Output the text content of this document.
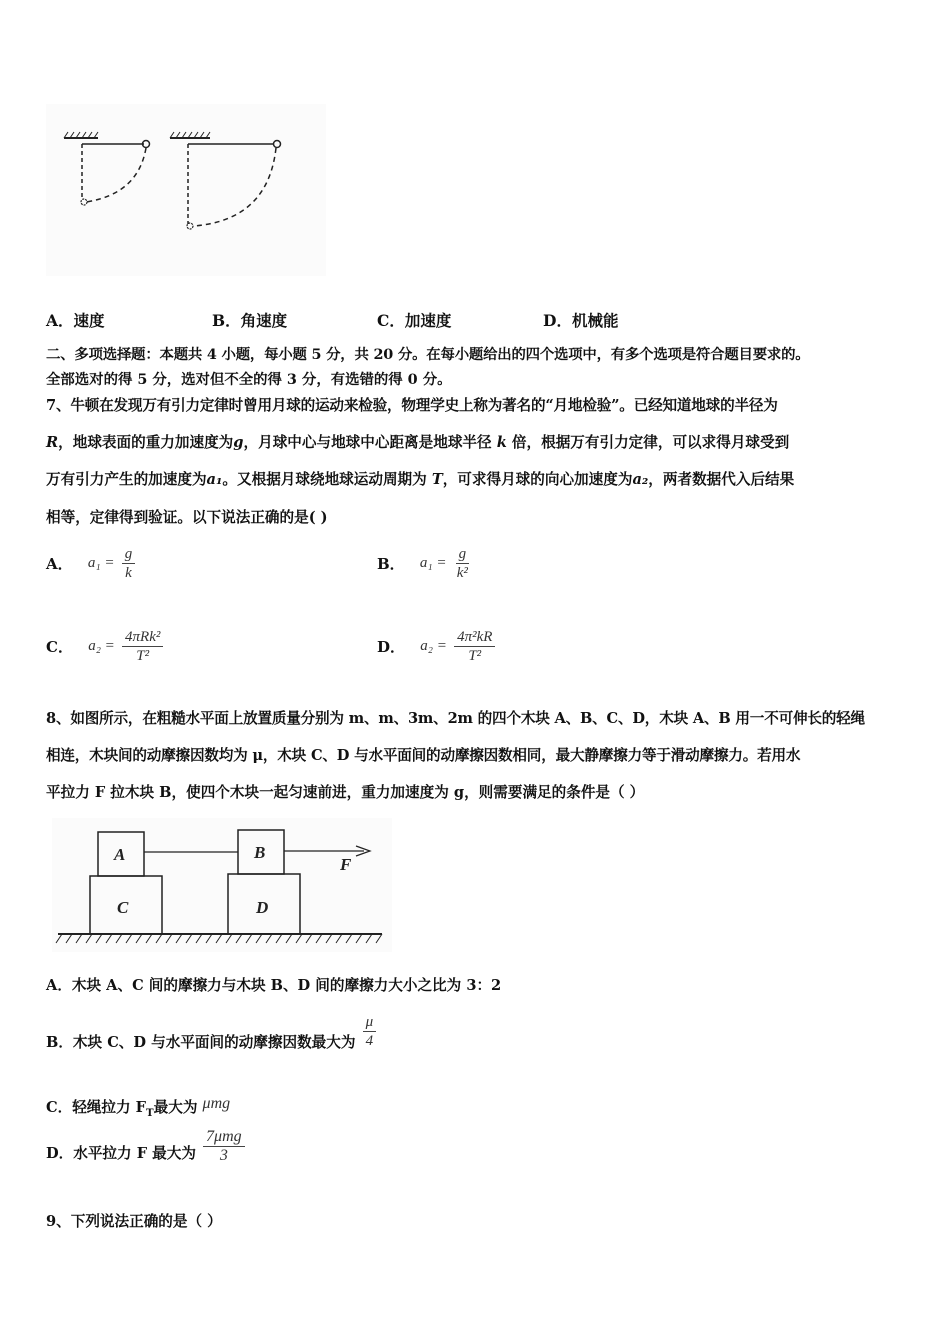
A．速度	B．角速度	C．加速度	D．机械能
二、多项选择题：本题共 4 小题，每小题 5 分，共 20 分。在每小题给出的四个选项中，有多个选项是符合题目要求的。
全部选对的得 5 分，选对但不全的得 3 分，有选错的得 0 分。
7、牛顿在发现万有引力定律时曾用月球的运动来检验，物理学史上称为著名的“月地检验”。已经知道地球的半径为
R，地球表面的重力加速度为g，月球中心与地球中心距离是地球半径 k 倍，根据万有引力定律，可以求得月球受到
万有引力产生的加速度为a₁。又根据月球绕地球运动周期为 T，可求得月球的向心加速度为a₂，两者数据代入后结果
相等，定律得到验证。以下说法正确的是( )
A． $a_1 = \frac{g}{k}$	B． $a_1 = \frac{g}{\text{k²}}$
C． $a_2 = \frac{\text{4πRk²}}{\text{T²}}$	D． $a_2 = \frac{\text{4π²kR}}{\text{T²}}$
8、如图所示，在粗糙水平面上放置质量分别为 m、m、3m、2m 的四个木块 A、B、C、D，木块 A、B 用一不可伸长的轻绳
相连，木块间的动摩擦因数均为 μ，木块 C、D 与水平面间的动摩擦因数相同，最大静摩擦力等于滑动摩擦力。若用水
平拉力 F 拉木块 B，使四个木块一起匀速前进，重力加速度为 g，则需要满足的条件是（ ）
A	B
C	D
F
A．木块 A、C 间的摩擦力与木块 B、D 间的摩擦力大小之比为 3：2
B．木块 C、D 与水平面间的动摩擦因数最大为 $\frac{\mu}{4}$
C．轻绳拉力 $F_T$最大为 μmg
D．水平拉力 F 最大为 $\frac{\text{7μmg}}{3}$
9、下列说法正确的是（ ）
